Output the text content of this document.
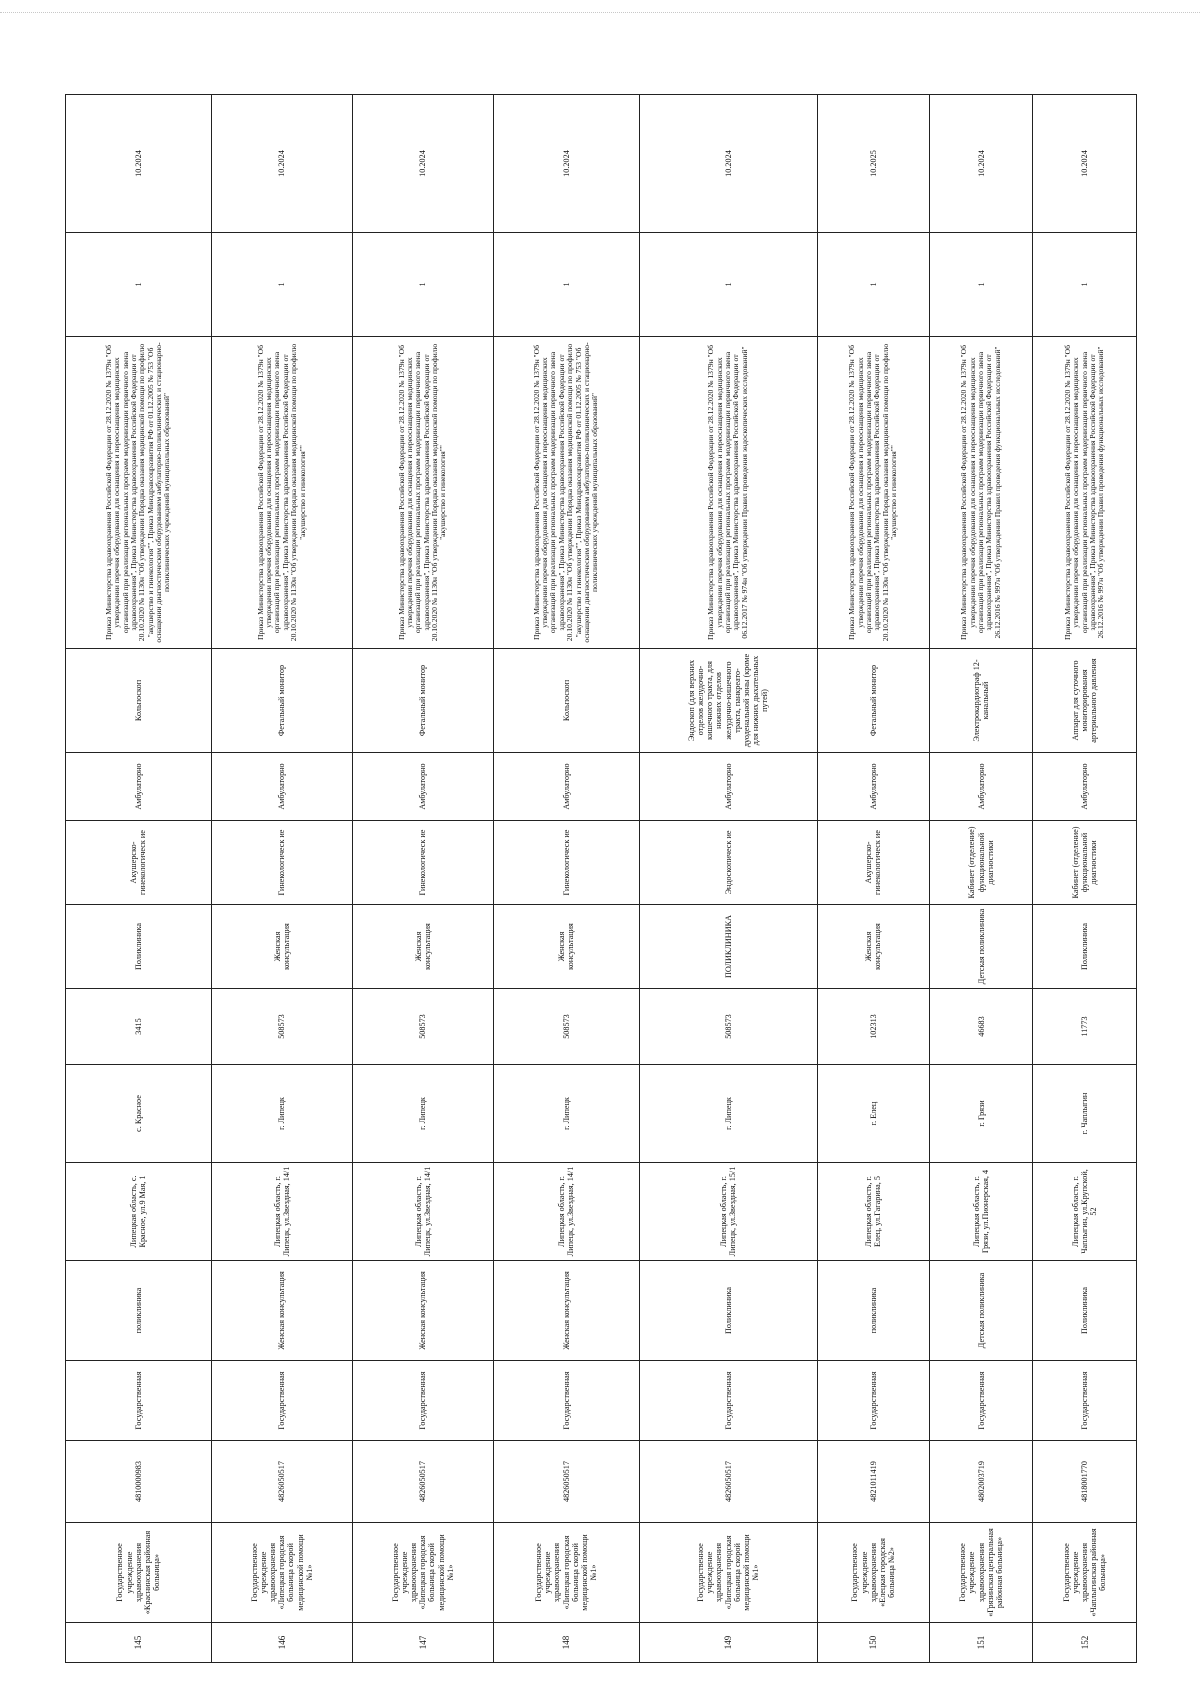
145	Государственное учреждение здравоохранения «Краснинская районная больница»	4810000983	Государственная	поликлиника	Липецкая область, с. Красное, ул.9 Мая, 1	с. Красное	3415	Поликлиника	Акушерско-гинекологическ ие	Амбулаторно	Кольпоскоп	Приказ Министерства здравоохранения Российской Федерации от 28.12.2020 № 1379н "Об утверждении перечня оборудования для оснащения и переоснащения медицинских организаций при реализации региональных программ модернизации первичного звена здравоохранения", Приказ Министерства здравоохранения Российской Федерации от 20.10.2020 № 1130н "Об утверждении Порядка оказания медицинской помощи по профилю "акушерство и гинекология"", Приказ Минздравсоцразвития РФ от 01.12.2005 № 753 "Об оснащении диагностическим оборудованием амбулаторно-поликлинических и стационарно-поликлинических учреждений муниципальных образований"	1	10.2024
146	Государственное учреждение здравоохранения «Липецкая городская больница скорой медицинской помощи №1»	4826050517	Государственная	Женская консультация	Липецкая область, г. Липецк, ул.Звездная, 14/1	г. Липецк	508573	Женская консультация	Гинекологическ ие	Амбулаторно	Фетальный монитор	Приказ Министерства здравоохранения Российской Федерации от 28.12.2020 № 1379н "Об утверждении перечня оборудования для оснащения и переоснащения медицинских организаций при реализации региональных программ модернизации первичного звена здравоохранения", Приказ Министерства здравоохранения Российской Федерации от 20.10.2020 № 1130н "Об утверждении Порядка оказания медицинской помощи по профилю "акушерство и гинекология""	1	10.2024
147	Государственное учреждение здравоохранения «Липецкая городская больница скорой медицинской помощи №1»	4826050517	Государственная	Женская консультация	Липецкая область, г. Липецк, ул.Звездная, 14/1	г. Липецк	508573	Женская консультация	Гинекологическ ие	Амбулаторно	Фетальный монитор	Приказ Министерства здравоохранения Российской Федерации от 28.12.2020 № 1379н "Об утверждении перечня оборудования для оснащения и переоснащения медицинских организаций при реализации региональных программ модернизации первичного звена здравоохранения", Приказ Министерства здравоохранения Российской Федерации от 20.10.2020 № 1130н "Об утверждении Порядка оказания медицинской помощи по профилю "акушерство и гинекология""	1	10.2024
148	Государственное учреждение здравоохранения «Липецкая городская больница скорой медицинской помощи №1»	4826050517	Государственная	Женская консультация	Липецкая область, г. Липецк, ул.Звездная, 14/1	г. Липецк	508573	Женская консультация	Гинекологическ ие	Амбулаторно	Кольпоскоп	Приказ Министерства здравоохранения Российской Федерации от 28.12.2020 № 1379н "Об утверждении перечня оборудования для оснащения и переоснащения медицинских организаций при реализации региональных программ модернизации первичного звена здравоохранения", Приказ Министерства здравоохранения Российской Федерации от 20.10.2020 № 1130н "Об утверждении Порядка оказания медицинской помощи по профилю "акушерство и гинекология"", Приказ Минздравсоцразвития РФ от 01.12.2005 № 753 "Об оснащении диагностическим оборудованием амбулаторно-поликлинических и стационарно-поликлинических учреждений муниципальных образований"	1	10.2024
149	Государственное учреждение здравоохранения «Липецкая городская больница скорой медицинской помощи №1»	4826050517	Государственная	Поликлиника	Липецкая область, г. Липецк, ул.Звездная, 15/1	г. Липецк	508573	ПОЛИКЛИНИКА	Эндоскопическ ие	Амбулаторно	Эндоскоп (для верхних отделов желудочно-кишечного тракта, для нижних отделов желудочно-кишечного тракта, панкреато-дуоденальной зоны (кроме для нижних дыхательных путей)	Приказ Министерства здравоохранения Российской Федерации от 28.12.2020 № 1379н "Об утверждении перечня оборудования для оснащения и переоснащения медицинских организаций при реализации региональных программ модернизации первичного звена здравоохранения", Приказ Министерства здравоохранения Российской Федерации от 06.12.2017 № 974н "Об утверждении Правил проведения эндоскопических исследований"	1	10.2024
150	Государственное учреждение здравоохранения «Елецкая городская больница №2»	4821011419	Государственная	поликлиника	Липецкая область, г. Елец, ул.Гагарина, 5	г. Елец	102313	Женская консультация	Акушерско-гинекологическ ие	Амбулаторно	Фетальный монитор	Приказ Министерства здравоохранения Российской Федерации от 28.12.2020 № 1379н "Об утверждении перечня оборудования для оснащения и переоснащения медицинских организаций при реализации региональных программ модернизации первичного звена здравоохранения", Приказ Министерства здравоохранения Российской Федерации от 20.10.2020 № 1130н "Об утверждении Порядка оказания медицинской помощи по профилю "акушерство и гинекология""	1	10.2025
151	Государственное учреждение здравоохранения «Грязинская центральная районная больница»	4802003719	Государственная	Детская поликлиника	Липецкая область, г. Грязи, ул.Пионерская, 4	г. Грязи	46683	Детская поликлиника	Кабинет (отделение) функциональной диагностики	Амбулаторно	Электрокардиограф 12-канальный	Приказ Министерства здравоохранения Российской Федерации от 28.12.2020 № 1379н "Об утверждении перечня оборудования для оснащения и переоснащения медицинских организаций при реализации региональных программ модернизации первичного звена здравоохранения", Приказ Министерства здравоохранения Российской Федерации от 26.12.2016 № 997н "Об утверждении Правил проведения функциональных исследований"	1	10.2024
152	Государственное учреждение здравоохранения «Чаплыгинская районная больница»	4818001770	Государственная	Поликлиника	Липецкая область, г. Чаплыгин, ул.Крупской, 52	г. Чаплыгин	11773	Поликлиника	Кабинет (отделение) функциональной диагностики	Амбулаторно	Аппарат для суточного мониторирования артериального давления	Приказ Министерства здравоохранения Российской Федерации от 28.12.2020 № 1379н "Об утверждении перечня оборудования для оснащения и переоснащения медицинских организаций при реализации региональных программ модернизации первичного звена здравоохранения", Приказ Министерства здравоохранения Российской Федерации от 26.12.2016 № 997н "Об утверждении Правил проведения функциональных исследований"	1	10.2024
